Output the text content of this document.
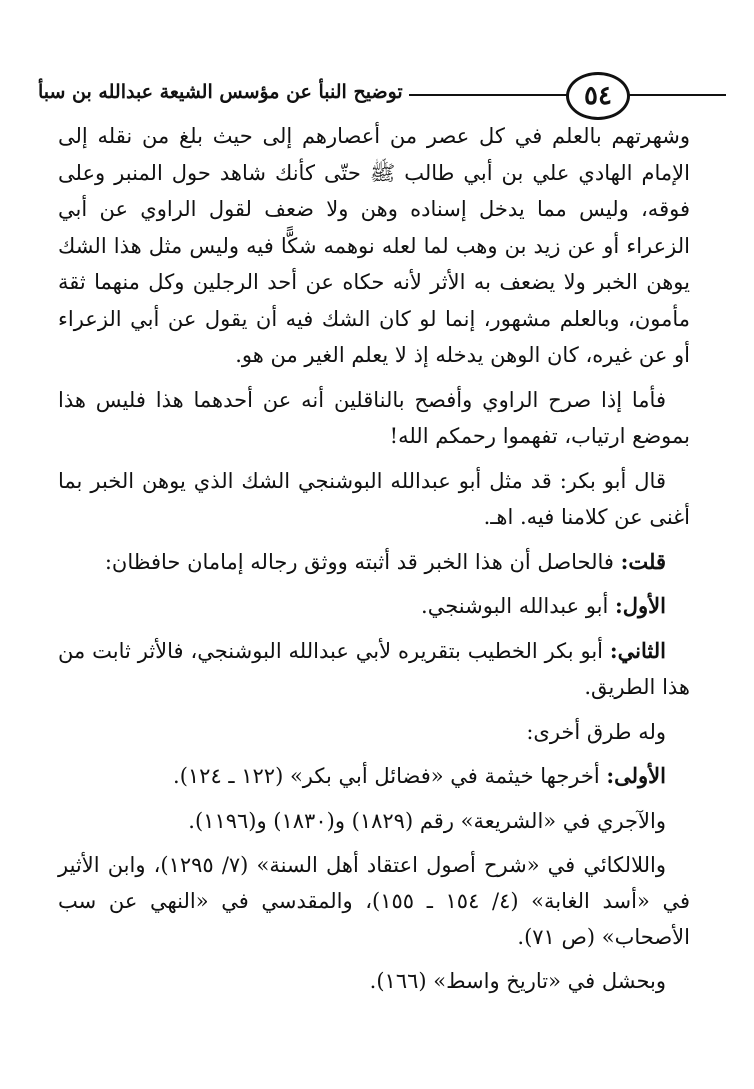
٥٤
توضيح النبأ عن مؤسس الشيعة عبدالله بن سبأ

وشهرتهم بالعلم في كل عصر من أعصارهم إلى حيث بلغ من نقله إلى الإمام الهادي علي بن أبي طالب ﷺ حتّى كأنك شاهد حول المنبر وعلى فوقه، وليس مما يدخل إسناده وهن ولا ضعف لقول الراوي عن أبي الزعراء أو عن زيد بن وهب لما لعله نوهمه شكًّا فيه وليس مثل هذا الشك يوهن الخبر ولا يضعف به الأثر لأنه حكاه عن أحد الرجلين وكل منهما ثقة مأمون، وبالعلم مشهور، إنما لو كان الشك فيه أن يقول عن أبي الزعراء أو عن غيره، كان الوهن يدخله إذ لا يعلم الغير من هو.

فأما إذا صرح الراوي وأفصح بالناقلين أنه عن أحدهما هذا فليس هذا بموضع ارتياب، تفهموا رحمكم الله!

قال أبو بكر: قد مثل أبو عبدالله البوشنجي الشك الذي يوهن الخبر بما أغنى عن كلامنا فيه. اهـ.

قلت: فالحاصل أن هذا الخبر قد أثبته ووثق رجاله إمامان حافظان:

الأول: أبو عبدالله البوشنجي.

الثاني: أبو بكر الخطيب بتقريره لأبي عبدالله البوشنجي، فالأثر ثابت من هذا الطريق.

وله طرق أخرى:

الأولى: أخرجها خيثمة في «فضائل أبي بكر» (١٢٢ ـ ١٢٤).

والآجري في «الشريعة» رقم (١٨٢٩) و(١٨٣٠) و(١١٩٦).

واللالكائي في «شرح أصول اعتقاد أهل السنة» (٧/ ١٢٩٥)، وابن الأثير في «أسد الغابة» (٤/ ١٥٤ ـ ١٥٥)، والمقدسي في «النهي عن سب الأصحاب» (ص ٧١).

وبحشل في «تاريخ واسط» (١٦٦).
